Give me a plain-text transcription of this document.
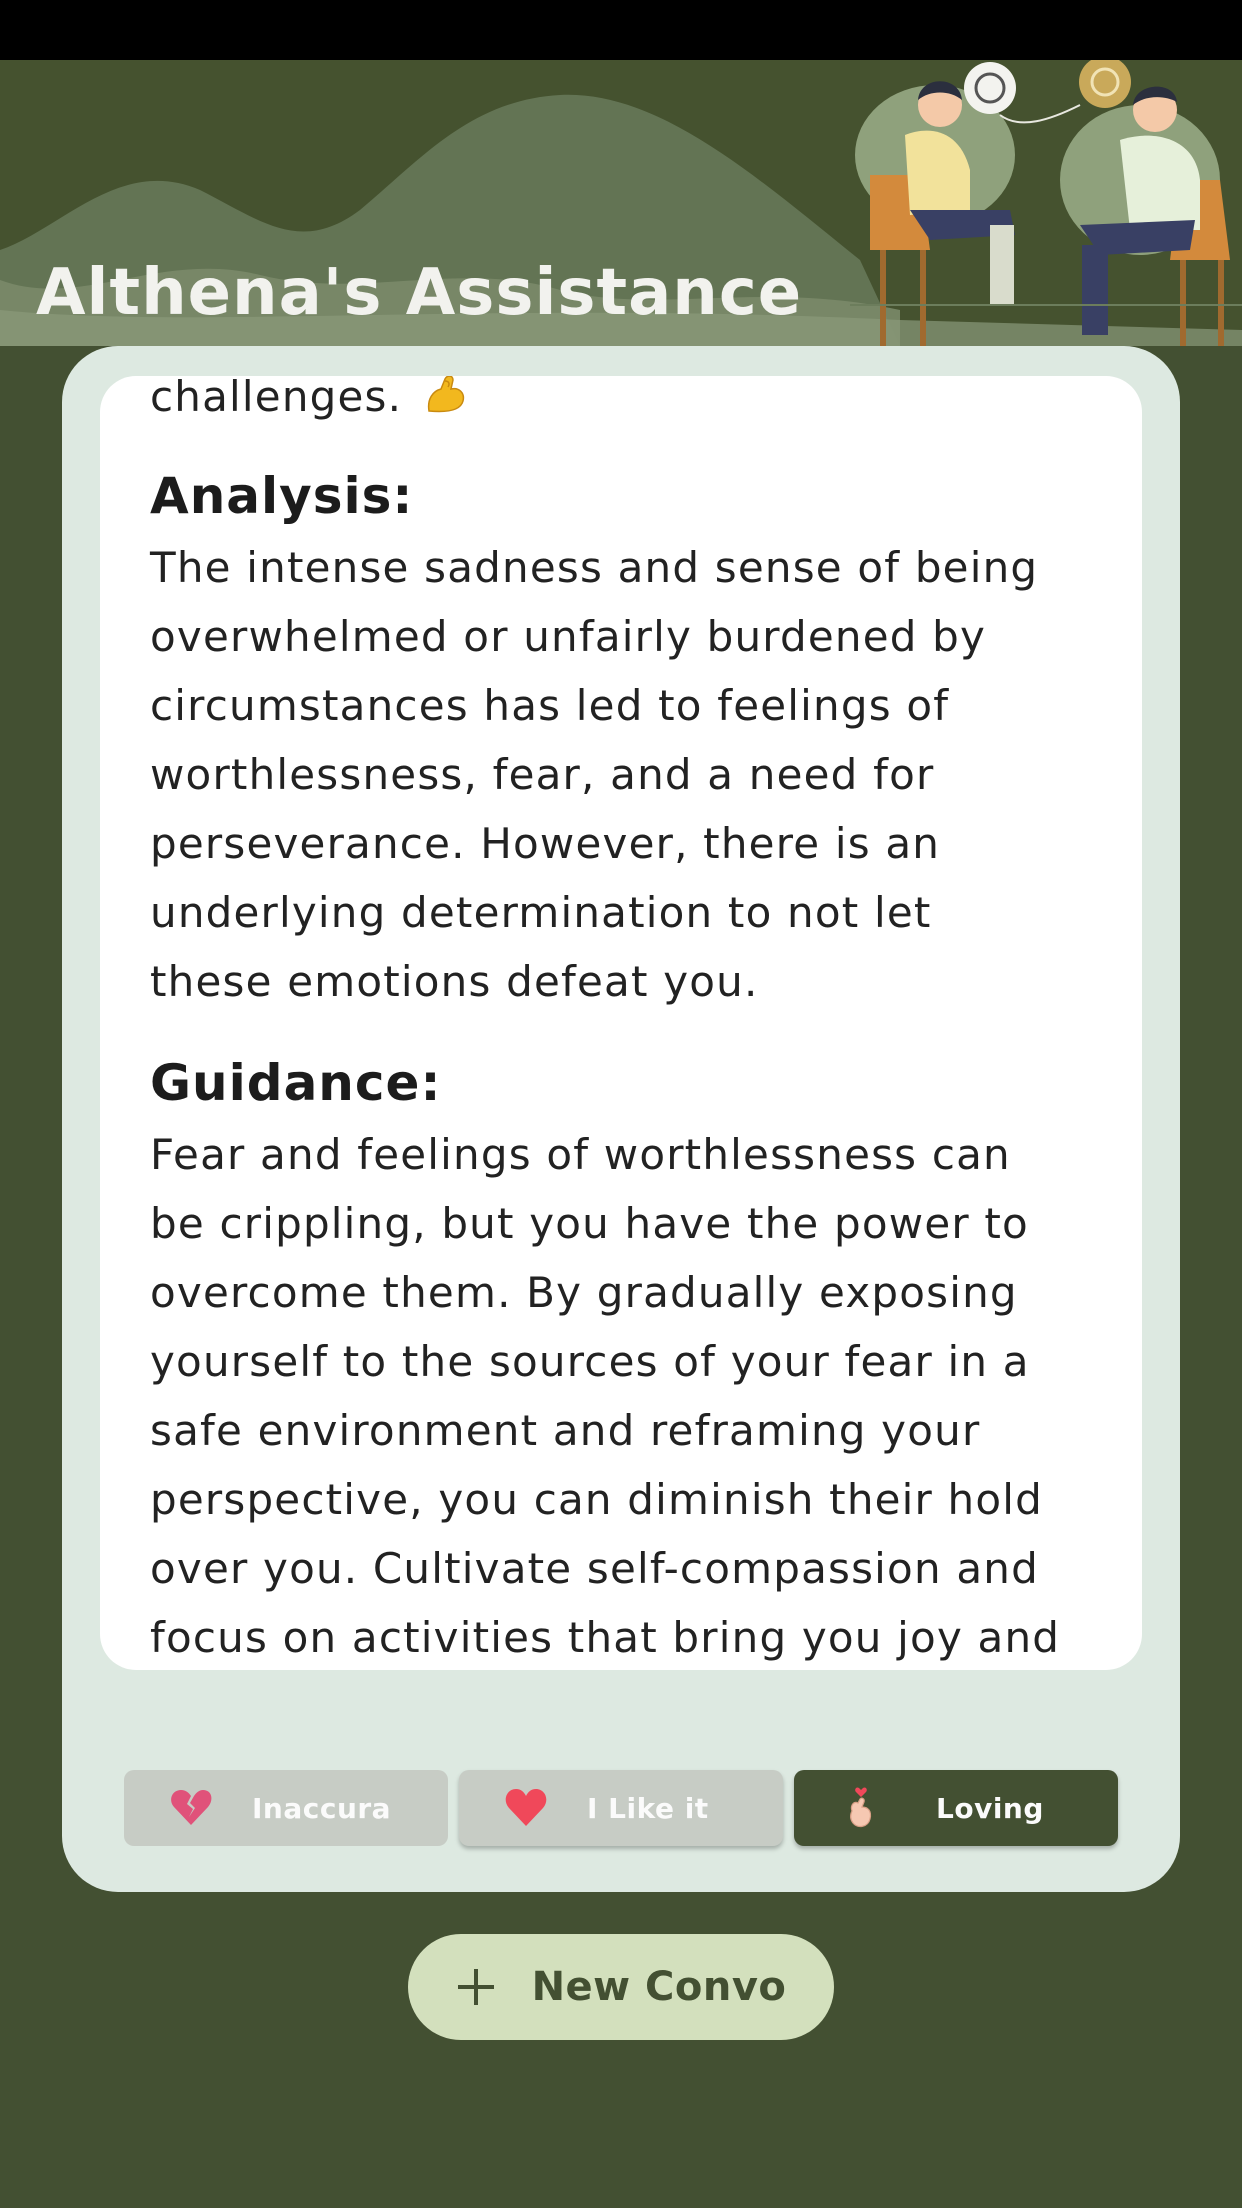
Althena's Assistance
challenges.
Analysis:
The intense sadness and sense of being
overwhelmed or unfairly burdened by
circumstances has led to feelings of
worthlessness, fear, and a need for
perseverance. However, there is an
underlying determination to not let
these emotions defeat you.
Guidance:
Fear and feelings of worthlessness can
be crippling, but you have the power to
overcome them. By gradually exposing
yourself to the sources of your fear in a
safe environment and reframing your
perspective, you can diminish their hold
over you. Cultivate self-compassion and
focus on activities that bring you joy and
Inaccura	I Like it	Loving
New Convo
